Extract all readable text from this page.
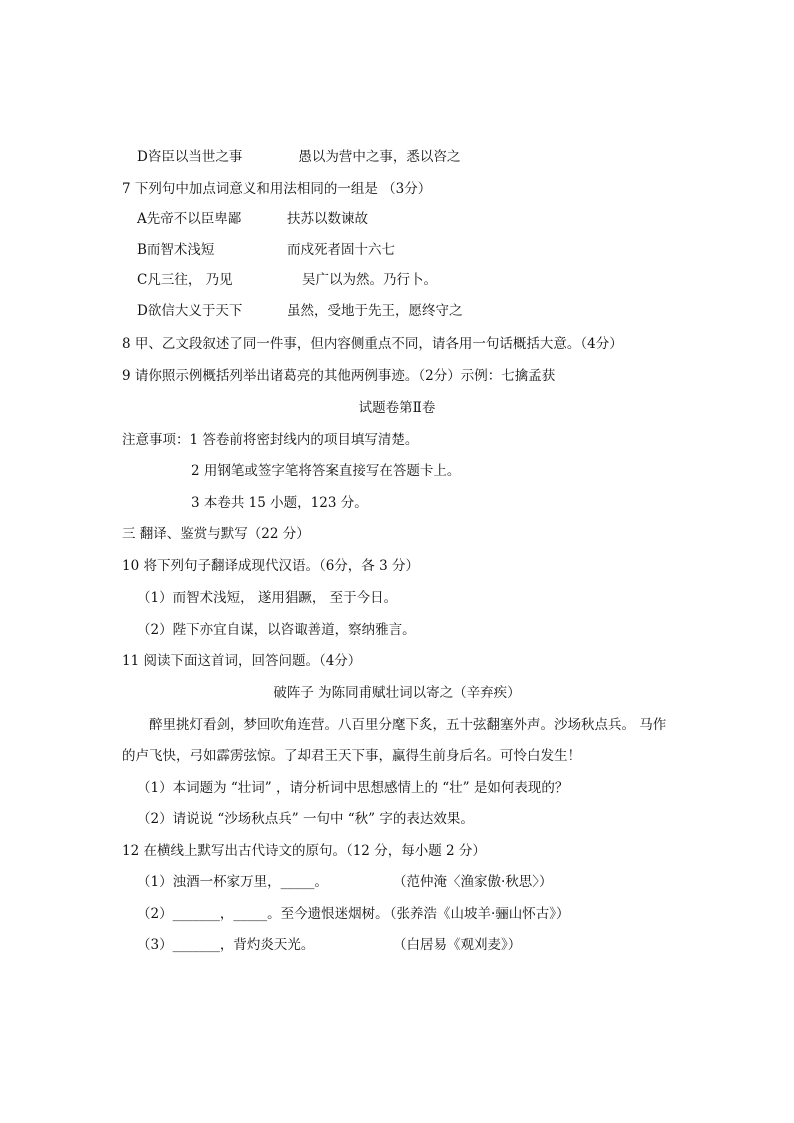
D咨臣以当世之事	愚以为营中之事，悉以咨之
7 下列句中加点词意义和用法相同的一组是 （3分）
A先帝不以臣卑鄙	扶苏以数谏故
B而智术浅短	而戍死者固十六七
C凡三往， 乃见	吴广以为然。乃行卜。
D欲信大义于天下	虽然，受地于先王，愿终守之
8 甲、乙文段叙述了同一件事，但内容侧重点不同，请各用一句话概括大意。（4分）
9 请你照示例概括列举出诸葛亮的其他两例事迹。（2分）示例：七擒孟获
试题卷第Ⅱ卷
注意事项：1 答卷前将密封线内的项目填写清楚。
2 用钢笔或签字笔将答案直接写在答题卡上。
3 本卷共 15 小题，123 分。
三 翻译、鉴赏与默写（22 分）
10 将下列句子翻译成现代汉语。（6分，各 3 分）
（1）而智术浅短， 遂用猖蹶， 至于今日。
（2）陛下亦宜自谋，以咨诹善道，察纳雅言。
11 阅读下面这首词，回答问题。（4分）
破阵子 为陈同甫赋壮词以寄之（辛弃疾）
醉里挑灯看剑，梦回吹角连营。八百里分麾下炙，五十弦翻塞外声。沙场秋点兵。 马作
的卢飞快，弓如霹雳弦惊。了却君王天下事，赢得生前身后名。可怜白发生！
（1）本词题为 “壮词” ，请分析词中思想感情上的 “壮” 是如何表现的？
（2）请说说 “沙场秋点兵” 一句中 “秋” 字的表达效果。
12 在横线上默写出古代诗文的原句。（12 分，每小题 2 分）
（1）浊酒一杯家万里，_____。	（范仲淹〈渔家傲·秋思〉）
（2）_______，_____。至今遗恨迷烟树。（张养浩《山坡羊·骊山怀古》）
（3）_______，背灼炎天光。	（白居易《观刈麦》）
